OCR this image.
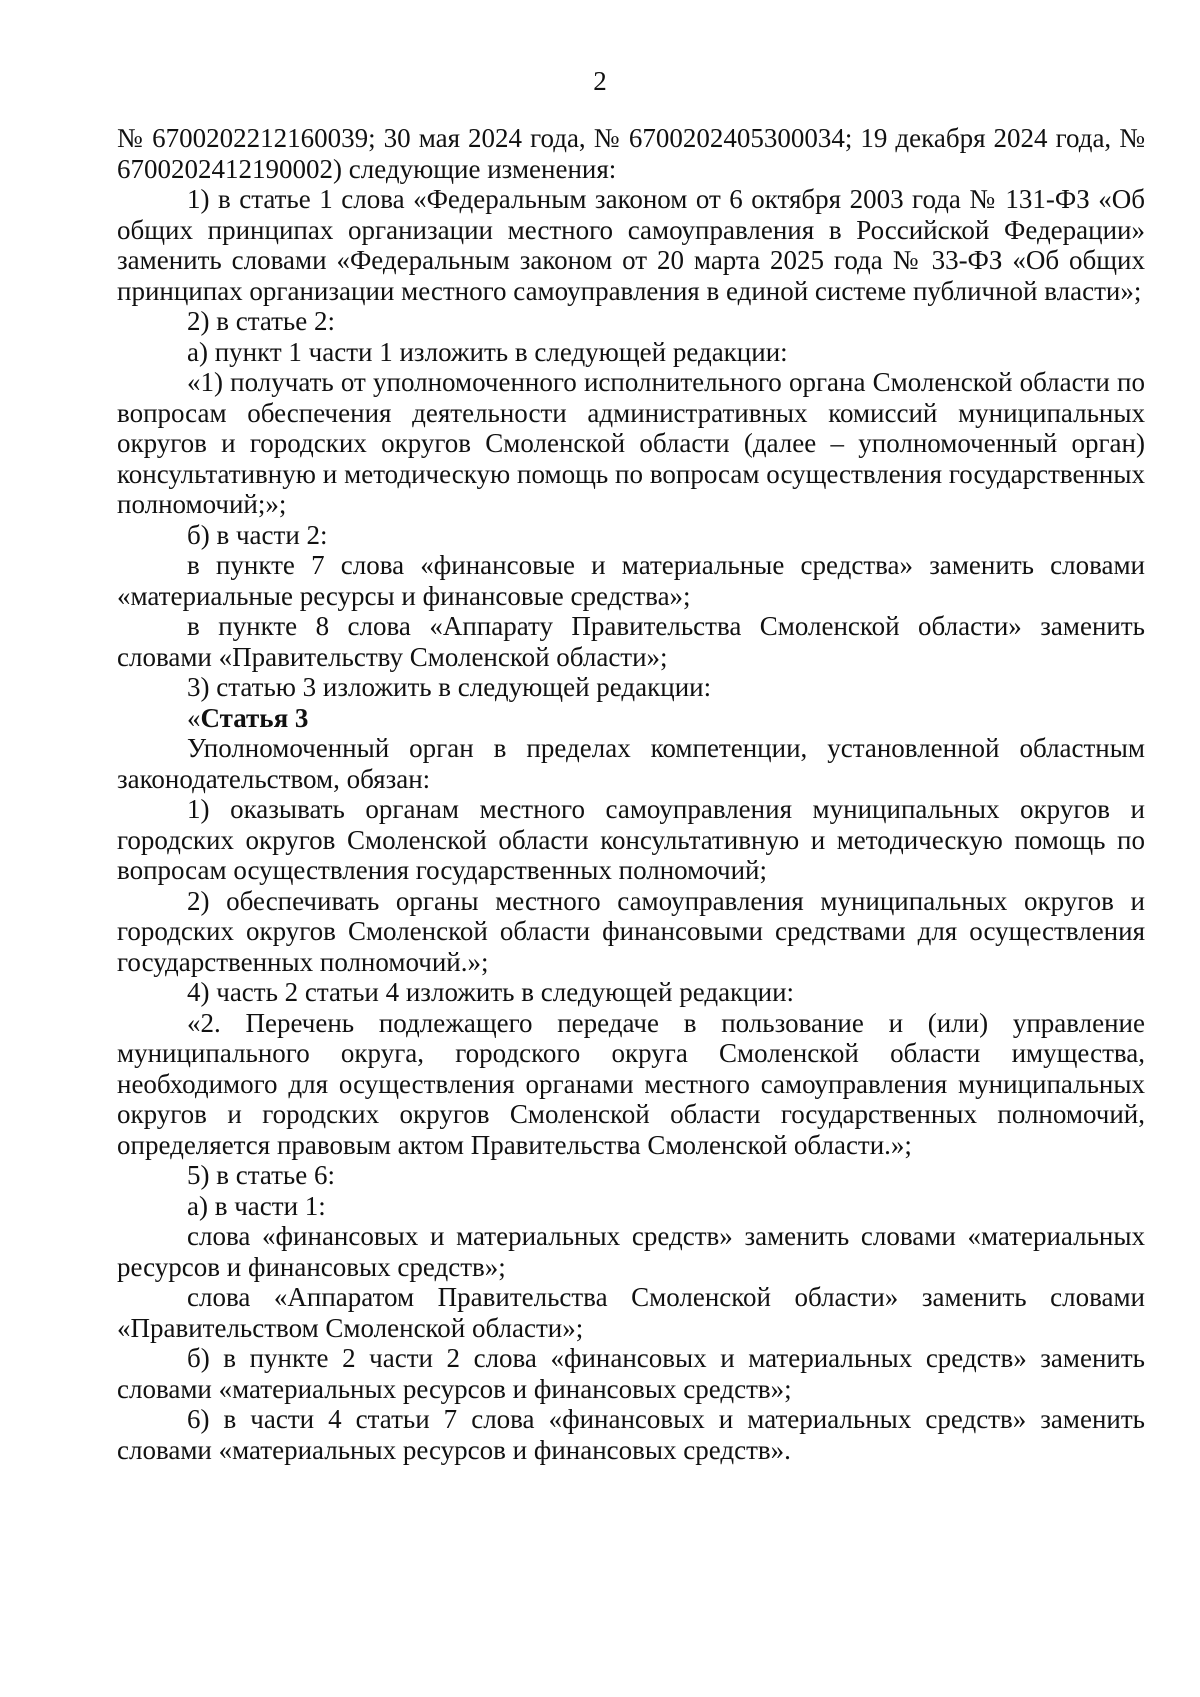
2

№ 6700202212160039; 30 мая 2024 года, № 6700202405300034; 19 декабря 2024 года, № 6700202412190002) следующие изменения:

1) в статье 1 слова «Федеральным законом от 6 октября 2003 года № 131-ФЗ «Об общих принципах организации местного самоуправления в Российской Федерации» заменить словами «Федеральным законом от 20 марта 2025 года № 33-ФЗ «Об общих принципах организации местного самоуправления в единой системе публичной власти»;

2) в статье 2:

а) пункт 1 части 1 изложить в следующей редакции:

«1) получать от уполномоченного исполнительного органа Смоленской области по вопросам обеспечения деятельности административных комиссий муниципальных округов и городских округов Смоленской области (далее – уполномоченный орган) консультативную и методическую помощь по вопросам осуществления государственных полномочий;»;

б) в части 2:

в пункте 7 слова «финансовые и материальные средства» заменить словами «материальные ресурсы и финансовые средства»;

в пункте 8 слова «Аппарату Правительства Смоленской области» заменить словами «Правительству Смоленской области»;

3) статью 3 изложить в следующей редакции:

«Статья 3

Уполномоченный орган в пределах компетенции, установленной областным законодательством, обязан:

1) оказывать органам местного самоуправления муниципальных округов и городских округов Смоленской области консультативную и методическую помощь по вопросам осуществления государственных полномочий;

2) обеспечивать органы местного самоуправления муниципальных округов и городских округов Смоленской области финансовыми средствами для осуществления государственных полномочий.»;

4) часть 2 статьи 4 изложить в следующей редакции:

«2. Перечень подлежащего передаче в пользование и (или) управление муниципального округа, городского округа Смоленской области имущества, необходимого для осуществления органами местного самоуправления муниципальных округов и городских округов Смоленской области государственных полномочий, определяется правовым актом Правительства Смоленской области.»;

5) в статье 6:

а) в части 1:

слова «финансовых и материальных средств» заменить словами «материальных ресурсов и финансовых средств»;

слова «Аппаратом Правительства Смоленской области» заменить словами «Правительством Смоленской области»;

б) в пункте 2 части 2 слова «финансовых и материальных средств» заменить словами «материальных ресурсов и финансовых средств»;

6) в части 4 статьи 7 слова «финансовых и материальных средств» заменить словами «материальных ресурсов и финансовых средств».
